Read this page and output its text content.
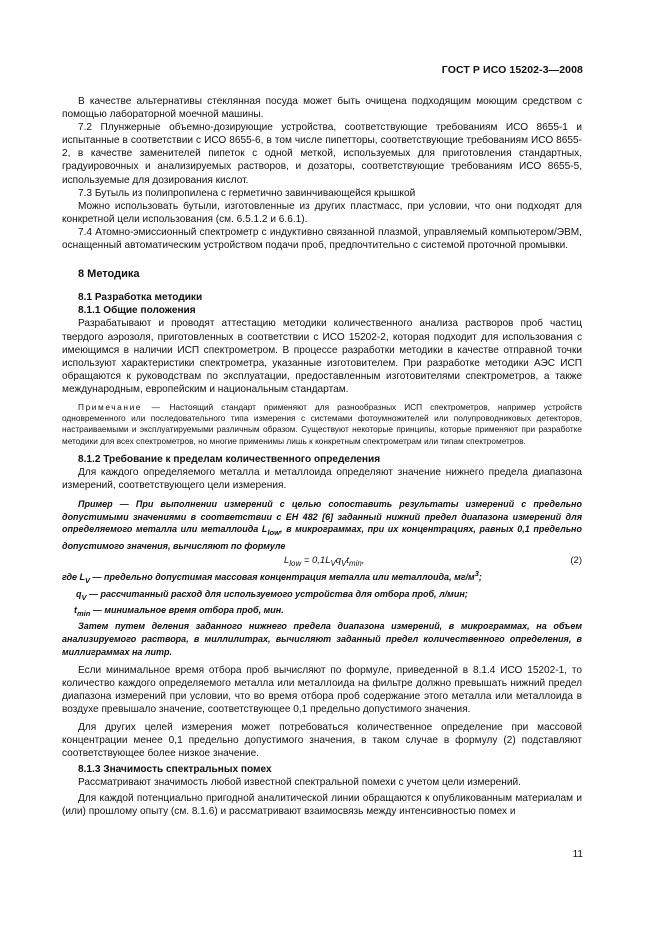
ГОСТ Р ИСО 15202-3—2008

В качестве альтернативы стеклянная посуда может быть очищена подходящим моющим средством с помощью лабораторной моечной машины.

7.2 Плунжерные объемно-дозирующие устройства, соответствующие требованиям ИСО 8655-1 и испытанные в соответствии с ИСО 8655-6, в том числе пипетторы, соответствующие требованиям ИСО 8655-2, в качестве заменителей пипеток с одной меткой, используемых для приготовления стандартных, градуировочных и анализируемых растворов, и дозаторы, соответствующие требованиям ИСО 8655-5, используемые для дозирования кислот.

7.3 Бутыль из полипропилена с герметично завинчивающейся крышкой

Можно использовать бутыли, изготовленные из других пластмасс, при условии, что они подходят для конкретной цели использования (см. 6.5.1.2 и 6.6.1).

7.4 Атомно-эмиссионный спектрометр с индуктивно связанной плазмой, управляемый компьютером/ЭВМ, оснащенный автоматическим устройством подачи проб, предпочтительно с системой проточной промывки.

8 Методика

8.1 Разработка методики

8.1.1 Общие положения

Разрабатывают и проводят аттестацию методики количественного анализа растворов проб частиц твердого аэрозоля, приготовленных в соответствии с ИСО 15202-2, которая подходит для использования с имеющимся в наличии ИСП спектрометром. В процессе разработки методики в качестве отправной точки используют характеристики спектрометра, указанные изготовителем. При разработке методики АЭС ИСП обращаются к руководствам по эксплуатации, предоставленным изготовителями спектрометров, а также международным, европейским и национальным стандартам.

Примечание — Настоящий стандарт применяют для разнообразных ИСП спектрометров, например устройств одновременного или последовательного типа измерения с системами фотоумножителей или полупроводниковых детекторов, настраиваемыми и эксплуатируемыми различным образом. Существуют некоторые принципы, которые применяют при разработке методики для всех спектрометров, но многие применимы лишь к конкретным спектрометрам или типам спектрометров.

8.1.2 Требование к пределам количественного определения

Для каждого определяемого металла и металлоида определяют значение нижнего предела диапазона измерений, соответствующего цели измерения.

Пример — При выполнении измерений с целью сопоставить результаты измерений с предельно допустимыми значениями в соответствии с ЕН 482 [6] заданный нижний предел диапазона измерений для определяемого металла или металлоида $L_{low}$, в микрограммах, при их концентрациях, равных 0,1 предельно допустимого значения, вычисляют по формуле

$L_{low} = 0,1L_Vq_Vt_{min}$,	(2)

где $L_V$ — предельно допустимая массовая концентрация металла или металлоида, $мг/м^3$;

$q_V$ — рассчитанный расход для используемого устройства для отбора проб, л/мин;

$t_{min}$ — минимальное время отбора проб, мин.

Затем путем деления заданного нижнего предела диапазона измерений, в микрограммах, на объем анализируемого раствора, в миллилитрах, вычисляют заданный предел количественного определения, в миллиграммах на литр.

Если минимальное время отбора проб вычисляют по формуле, приведенной в 8.1.4 ИСО 15202-1, то количество каждого определяемого металла или металлоида на фильтре должно превышать нижний предел диапазона измерений при условии, что во время отбора проб содержание этого металла или металлоида в воздухе превышало значение, соответствующее 0,1 предельно допустимого значения.

Для других целей измерения может потребоваться количественное определение при массовой концентрации менее 0,1 предельно допустимого значения, в таком случае в формулу (2) подставляют соответствующее более низкое значение.

8.1.3 Значимость спектральных помех

Рассматривают значимость любой известной спектральной помехи с учетом цели измерений.

Для каждой потенциально пригодной аналитической линии обращаются к опубликованным материалам и (или) прошлому опыту (см. 8.1.6) и рассматривают взаимосвязь между интенсивностью помех и

11
